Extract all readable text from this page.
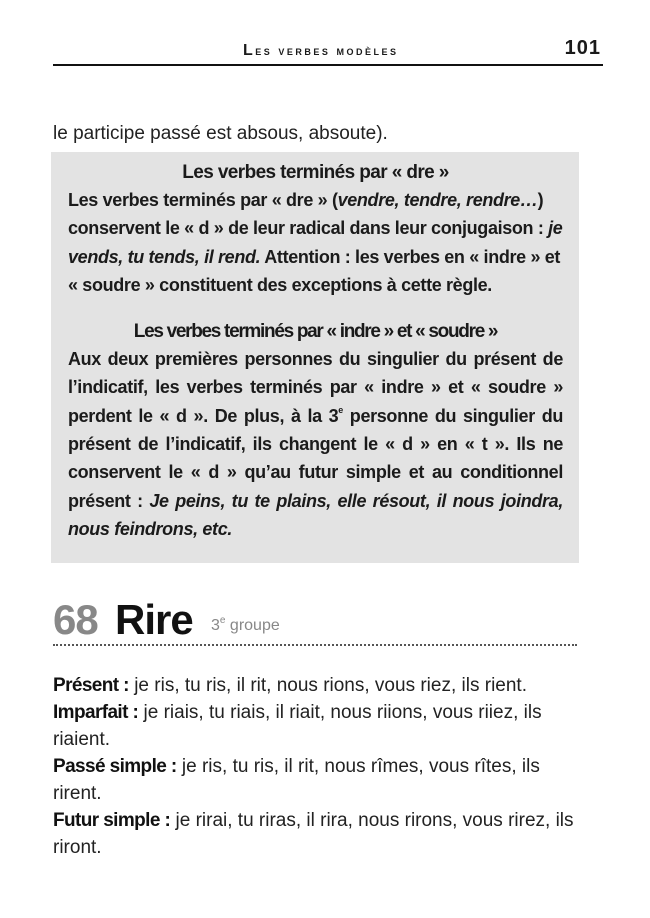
Les verbes modèles	101

le participe passé est absous, absoute).

Les verbes terminés par « dre »

Les verbes terminés par « dre » (vendre, tendre, rendre…) conservent le « d » de leur radical dans leur conjugaison : je vends, tu tends, il rend. Attention : les verbes en « indre » et « soudre » constituent des exceptions à cette règle.

Les verbes terminés par « indre » et « soudre »

Aux deux premières personnes du singulier du présent de l’indicatif, les verbes terminés par « indre » et « soudre » perdent le « d ». De plus, à la 3e personne du singulier du présent de l’indicatif, ils changent le « d » en « t ». Ils ne conservent le « d » qu’au futur simple et au conditionnel présent : Je peins, tu te plains, elle résout, il nous joindra, nous feindrons, etc.

68 Rire 3e groupe

Présent : je ris, tu ris, il rit, nous rions, vous riez, ils rient.

Imparfait : je riais, tu riais, il riait, nous riions, vous riiez, ils riaient.

Passé simple : je ris, tu ris, il rit, nous rîmes, vous rîtes, ils rirent.

Futur simple : je rirai, tu riras, il rira, nous rirons, vous rirez, ils riront.
